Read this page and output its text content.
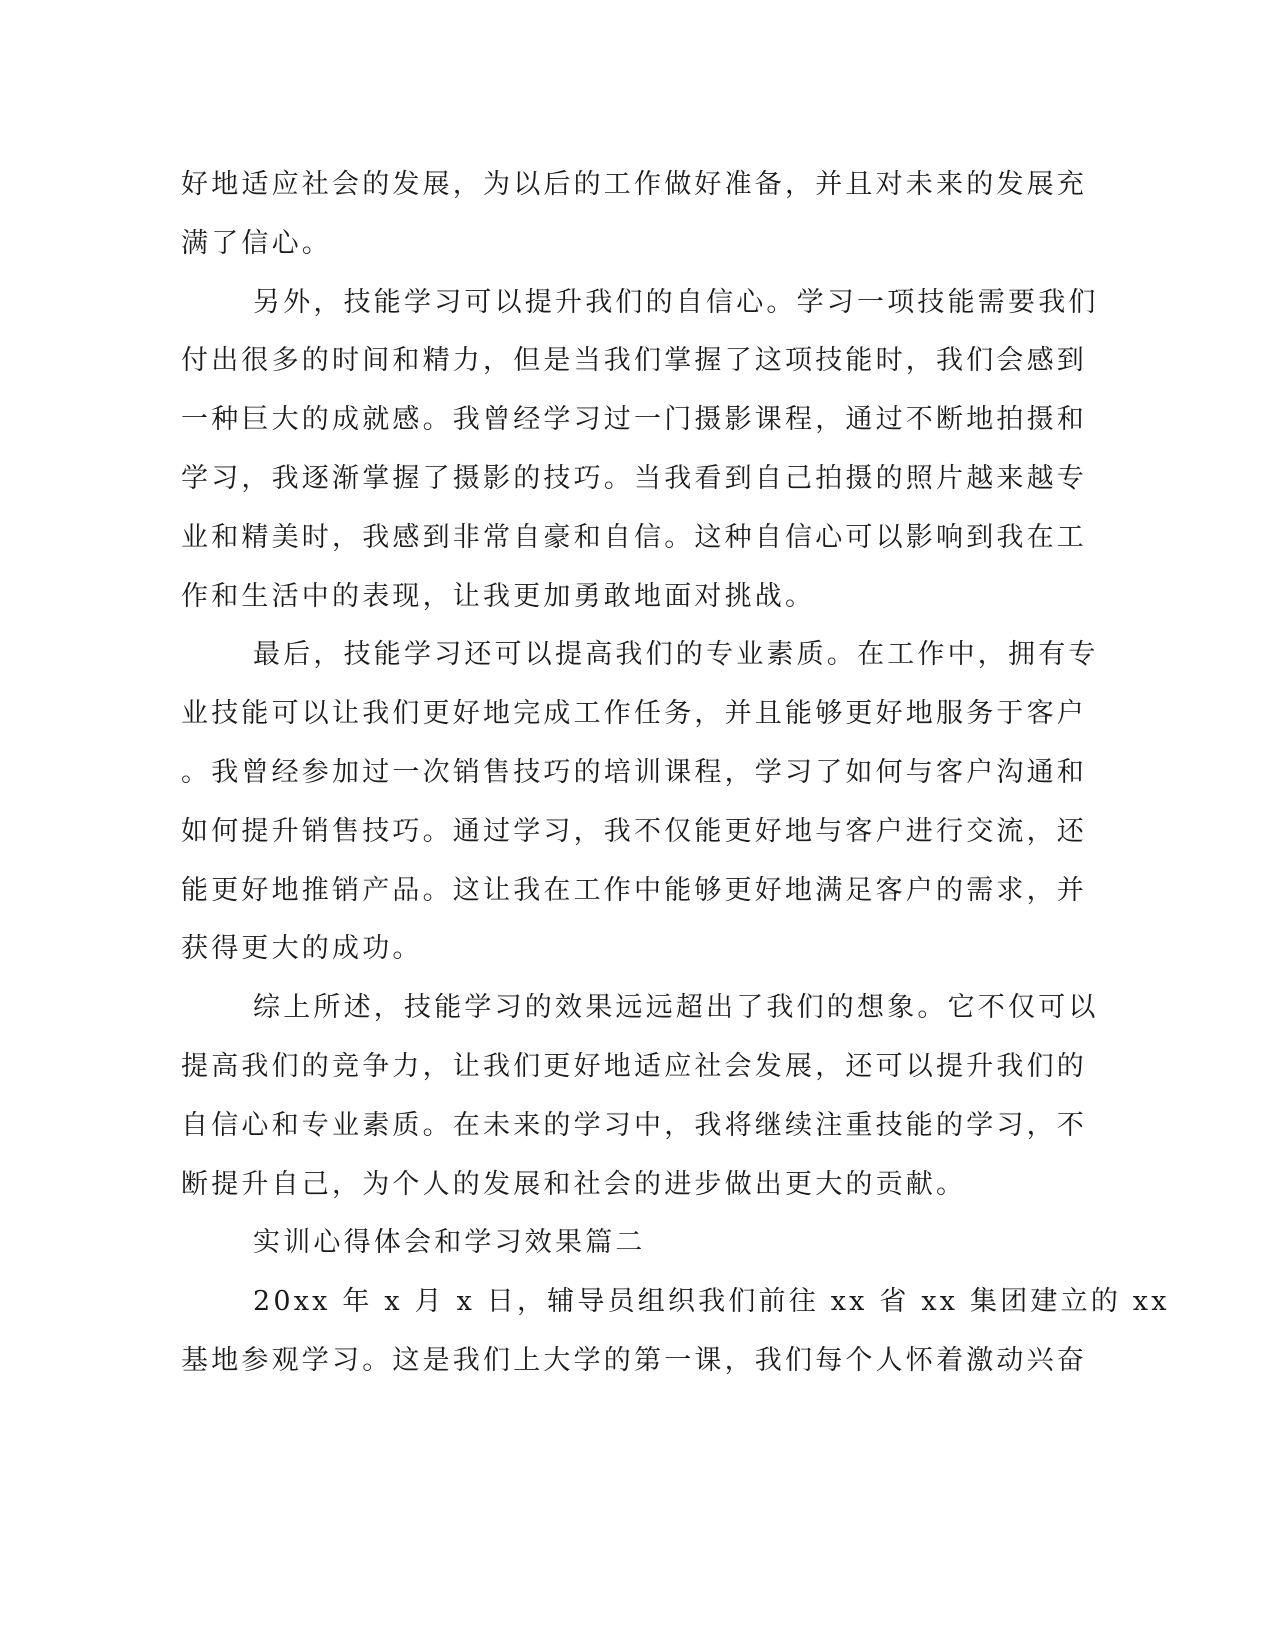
好地适应社会的发展，为以后的工作做好准备，并且对未来的发展充
满了信心。
另外，技能学习可以提升我们的自信心。学习一项技能需要我们
付出很多的时间和精力，但是当我们掌握了这项技能时，我们会感到
一种巨大的成就感。我曾经学习过一门摄影课程，通过不断地拍摄和
学习，我逐渐掌握了摄影的技巧。当我看到自己拍摄的照片越来越专
业和精美时，我感到非常自豪和自信。这种自信心可以影响到我在工
作和生活中的表现，让我更加勇敢地面对挑战。
最后，技能学习还可以提高我们的专业素质。在工作中，拥有专
业技能可以让我们更好地完成工作任务，并且能够更好地服务于客户
。我曾经参加过一次销售技巧的培训课程，学习了如何与客户沟通和
如何提升销售技巧。通过学习，我不仅能更好地与客户进行交流，还
能更好地推销产品。这让我在工作中能够更好地满足客户的需求，并
获得更大的成功。
综上所述，技能学习的效果远远超出了我们的想象。它不仅可以
提高我们的竞争力，让我们更好地适应社会发展，还可以提升我们的
自信心和专业素质。在未来的学习中，我将继续注重技能的学习，不
断提升自己，为个人的发展和社会的进步做出更大的贡献。
实训心得体会和学习效果篇二
20xx 年 x 月 x 日，辅导员组织我们前往 xx 省 xx 集团建立的 xx
基地参观学习。这是我们上大学的第一课，我们每个人怀着激动兴奋
